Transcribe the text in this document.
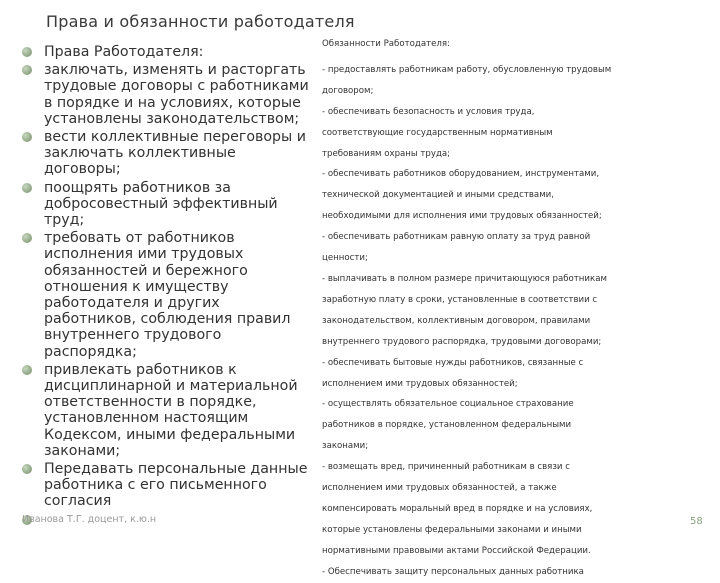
Права и обязанности работодателя
Права Работодателя:
заключать, изменять и расторгать трудовые договоры с работниками в порядке и на условиях, которые установлены законодательством;
вести коллективные переговоры и заключать коллективные договоры;
поощрять работников за добросовестный эффективный труд;
требовать от работников исполнения ими трудовых обязанностей и бережного отношения к имуществу работодателя и других работников, соблюдения правил внутреннего трудового распорядка;
привлекать работников к дисциплинарной и материальной ответственности в порядке, установленном настоящим Кодексом, иными федеральными законами;
Передавать персональные данные работника с его письменного согласия
Обязанности Работодателя:
- предоставлять работникам работу, обусловленную трудовым
договором;
- обеспечивать безопасность и условия труда,
соответствующие государственным нормативным
требованиям охраны труда;
- обеспечивать работников оборудованием, инструментами,
технической документацией и иными средствами,
необходимыми для исполнения ими трудовых обязанностей;
- обеспечивать работникам равную оплату за труд равной
ценности;
- выплачивать в полном размере причитающуюся работникам
заработную плату в сроки, установленные в соответствии с
законодательством, коллективным договором, правилами
внутреннего трудового распорядка, трудовыми договорами;
- обеспечивать бытовые нужды работников, связанные с
исполнением ими трудовых обязанностей;
- осуществлять обязательное социальное страхование
работников в порядке, установленном федеральными
законами;
- возмещать вред, причиненный работникам в связи с
исполнением ими трудовых обязанностей, а также
компенсировать моральный вред в порядке и на условиях,
которые установлены федеральными законами и иными
нормативными правовыми актами Российской Федерации.
- Обеспечивать защиту персональных данных работника
Иванова Т.Г. доцент, к.ю.н	58
